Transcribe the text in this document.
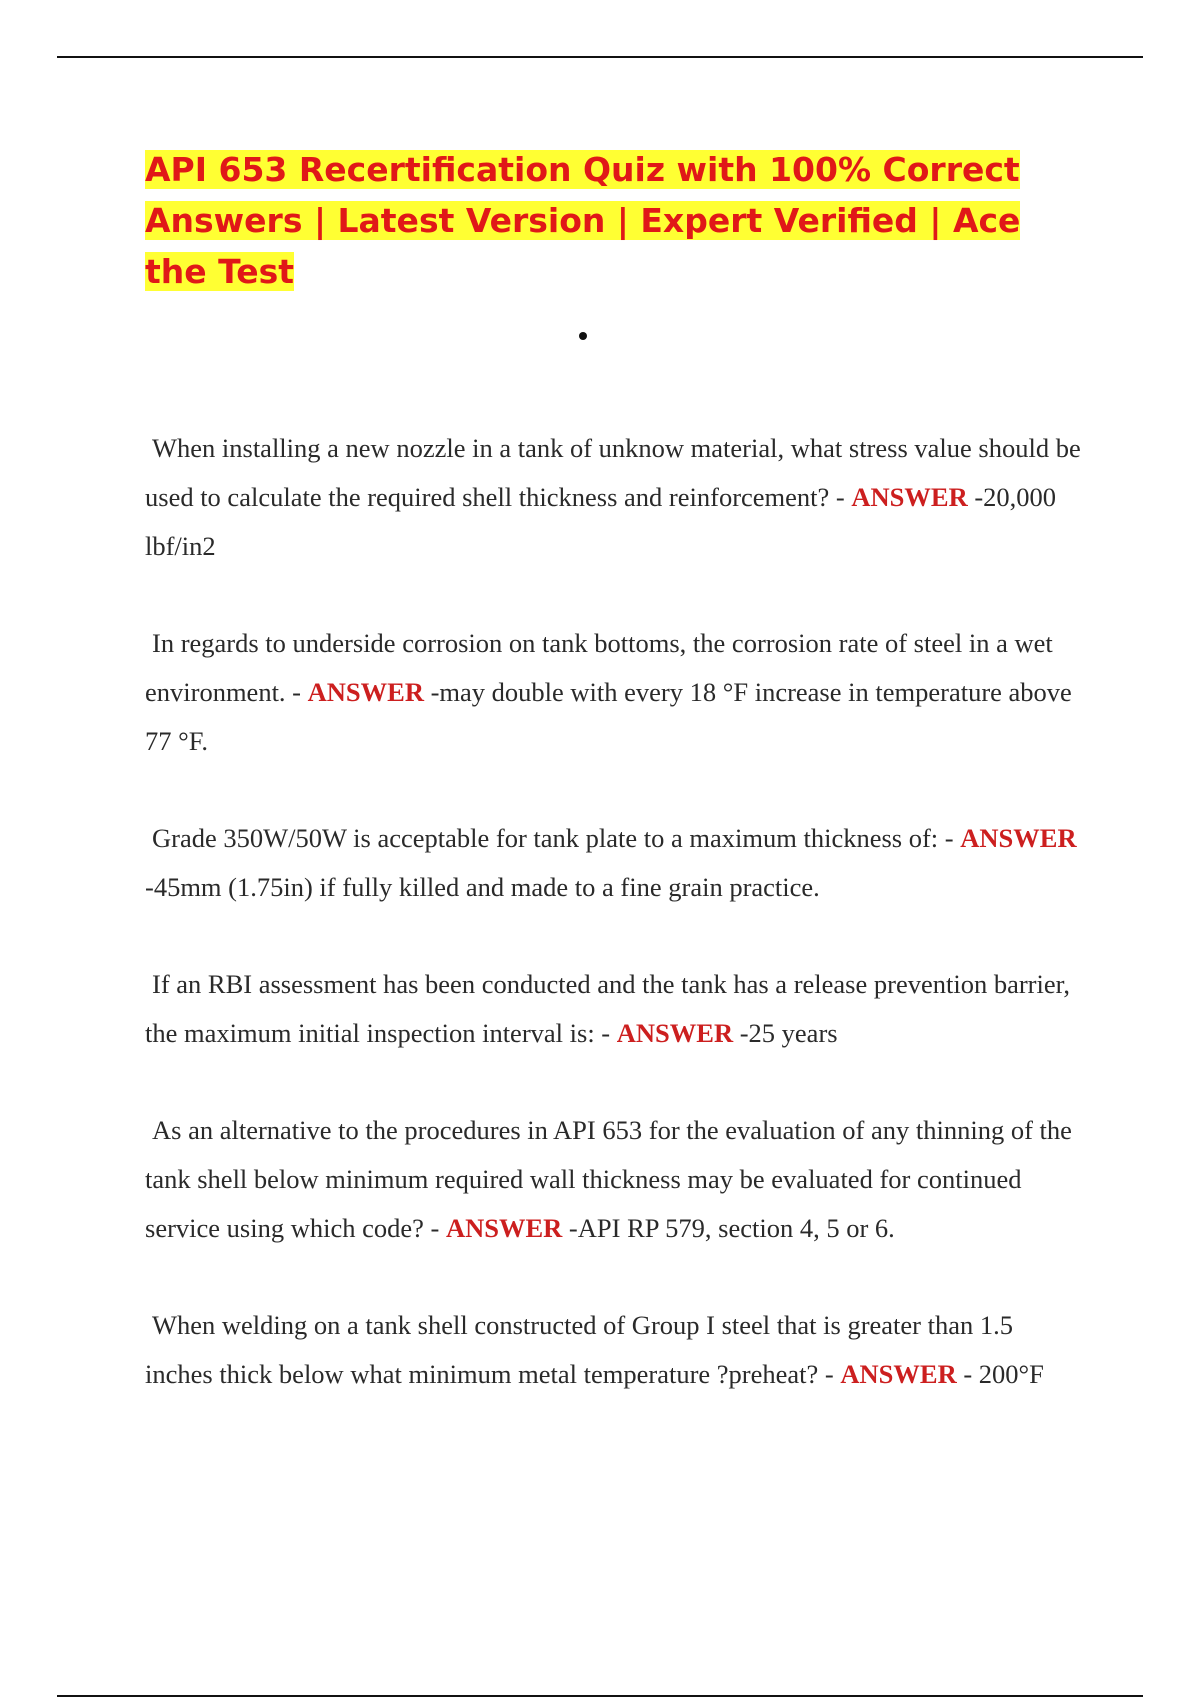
API 653 Recertification Quiz with 100% Correct Answers | Latest Version | Expert Verified | Ace the Test

When installing a new nozzle in a tank of unknow material, what stress value should be used to calculate the required shell thickness and reinforcement? - ANSWER -20,000 lbf/in2

In regards to underside corrosion on tank bottoms, the corrosion rate of steel in a wet environment. - ANSWER -may double with every 18 °F increase in temperature above 77 °F.

Grade 350W/50W is acceptable for tank plate to a maximum thickness of: - ANSWER -45mm (1.75in) if fully killed and made to a fine grain practice.

If an RBI assessment has been conducted and the tank has a release prevention barrier, the maximum initial inspection interval is: - ANSWER -25 years

As an alternative to the procedures in API 653 for the evaluation of any thinning of the tank shell below minimum required wall thickness may be evaluated for continued service using which code? - ANSWER -API RP 579, section 4, 5 or 6.

When welding on a tank shell constructed of Group I steel that is greater than 1.5 inches thick below what minimum metal temperature ?preheat? - ANSWER - 200°F
